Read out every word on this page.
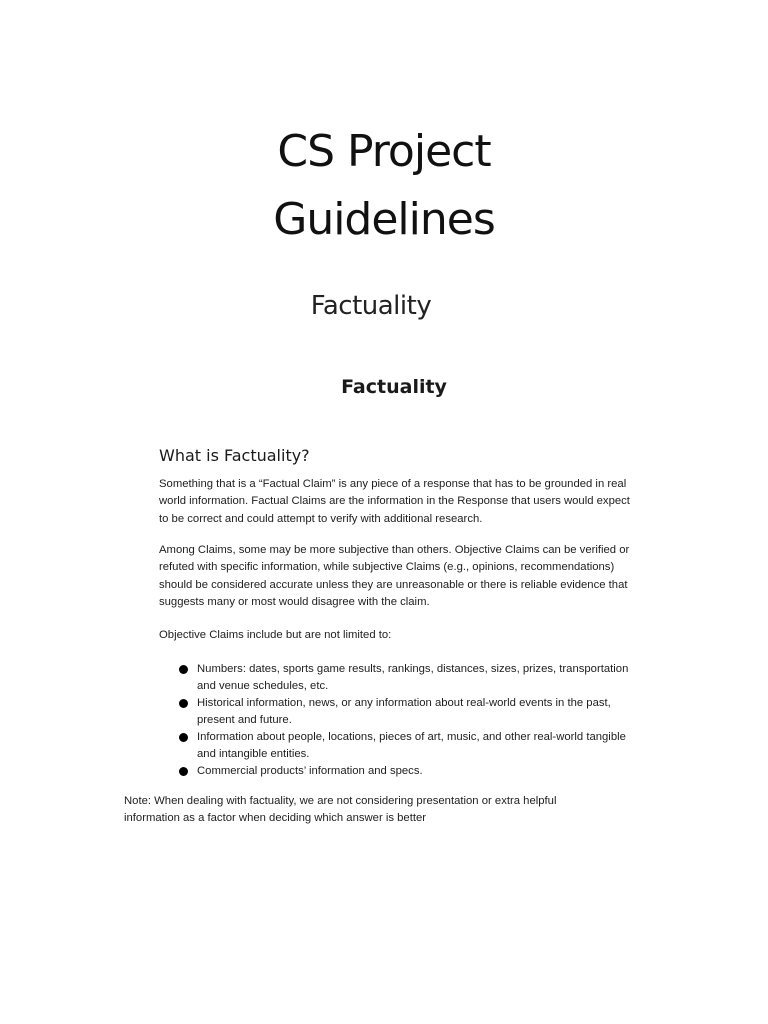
CS Project
Guidelines
Factuality
Factuality
What is Factuality?

Something that is a “Factual Claim” is any piece of a response that has to be grounded in real world information. Factual Claims are the information in the Response that users would expect to be correct and could attempt to verify with additional research.

Among Claims, some may be more subjective than others. Objective Claims can be verified or refuted with specific information, while subjective Claims (e.g., opinions, recommendations) should be considered accurate unless they are unreasonable or there is reliable evidence that suggests many or most would disagree with the claim.

Objective Claims include but are not limited to:

Numbers: dates, sports game results, rankings, distances, sizes, prizes, transportation and venue schedules, etc.
Historical information, news, or any information about real-world events in the past, present and future.
Information about people, locations, pieces of art, music, and other real-world tangible and intangible entities.
Commercial products’ information and specs.

Note: When dealing with factuality, we are not considering presentation or extra helpful information as a factor when deciding which answer is better
